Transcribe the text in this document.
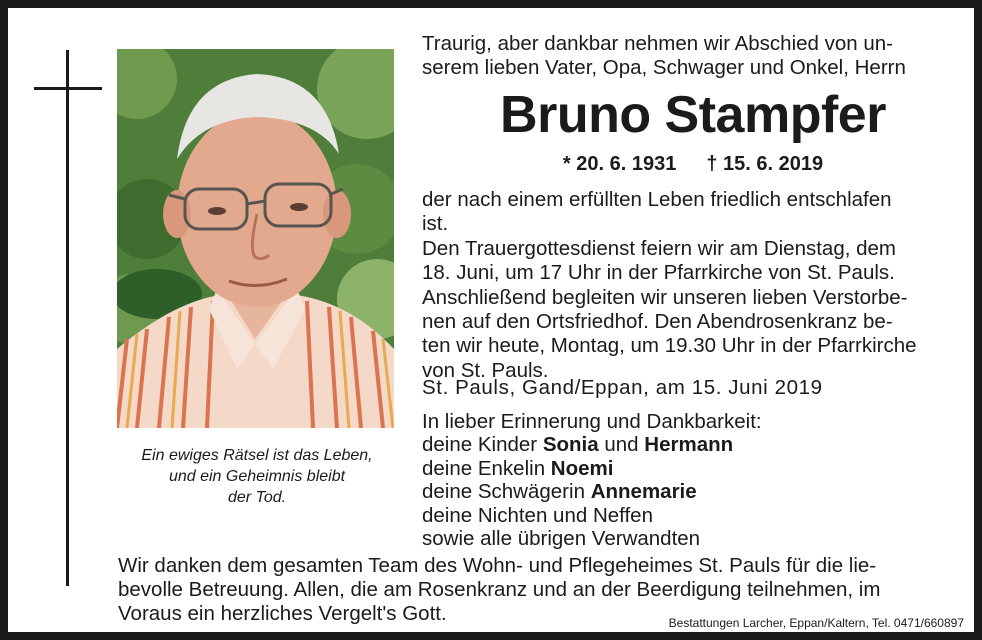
Ein ewiges Rätsel ist das Leben,
und ein Geheimnis bleibt
der Tod.
Traurig, aber dankbar nehmen wir Abschied von un-
serem lieben Vater, Opa, Schwager und Onkel, Herrn
Bruno Stampfer
* 20. 6. 1931 † 15. 6. 2019
der nach einem erfüllten Leben friedlich entschlafen
ist.
Den Trauergottesdienst feiern wir am Dienstag, dem
18. Juni, um 17 Uhr in der Pfarrkirche von St. Pauls.
Anschließend begleiten wir unseren lieben Verstorbe-
nen auf den Ortsfriedhof. Den Abendrosenkranz be-
ten wir heute, Montag, um 19.30 Uhr in der Pfarrkirche
von St. Pauls.
St. Pauls, Gand/Eppan, am 15. Juni 2019
In lieber Erinnerung und Dankbarkeit:
deine Kinder Sonia und Hermann
deine Enkelin Noemi
deine Schwägerin Annemarie
deine Nichten und Neffen
sowie alle übrigen Verwandten
Wir danken dem gesamten Team des Wohn- und Pflegeheimes St. Pauls für die lie-
bevolle Betreuung. Allen, die am Rosenkranz und an der Beerdigung teilnehmen, im
Voraus ein herzliches Vergelt's Gott.	Bestattungen Larcher, Eppan/Kaltern, Tel. 0471/660897
